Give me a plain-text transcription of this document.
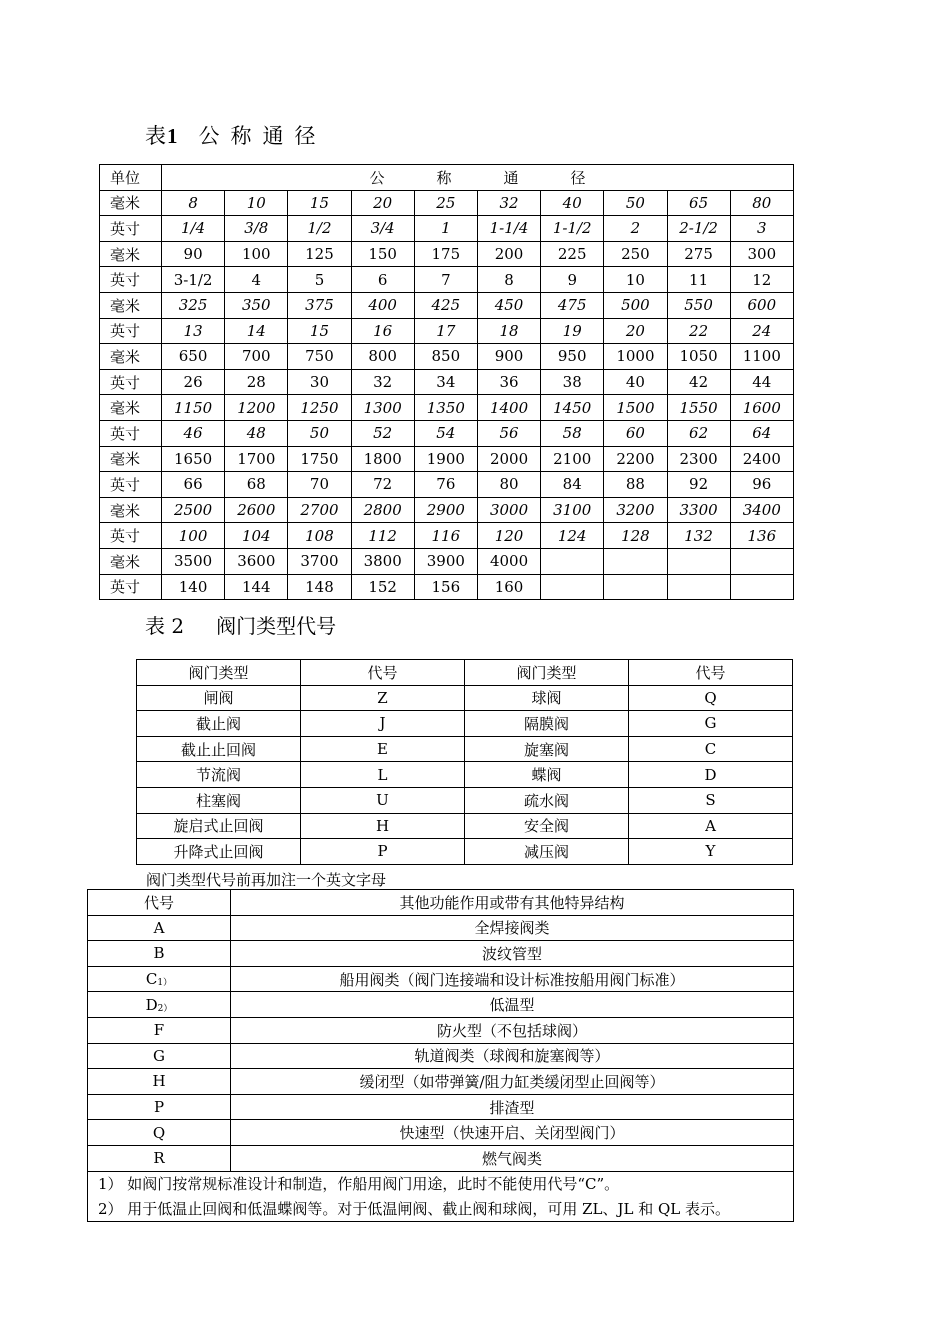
表1 公称通径
单位	公称通径									
毫米	8	10	15	20	25	32	40	50	65	80
英寸	1/4	3/8	1/2	3/4	1	1-1/4	1-1/2	2	2-1/2	3
毫米	90	100	125	150	175	200	225	250	275	300
英寸	3-1/2	4	5	6	7	8	9	10	11	12
毫米	325	350	375	400	425	450	475	500	550	600
英寸	13	14	15	16	17	18	19	20	22	24
毫米	650	700	750	800	850	900	950	1000	1050	1100
英寸	26	28	30	32	34	36	38	40	42	44
毫米	1150	1200	1250	1300	1350	1400	1450	1500	1550	1600
英寸	46	48	50	52	54	56	58	60	62	64
毫米	1650	1700	1750	1800	1900	2000	2100	2200	2300	2400
英寸	66	68	70	72	76	80	84	88	92	96
毫米	2500	2600	2700	2800	2900	3000	3100	3200	3300	3400
英寸	100	104	108	112	116	120	124	128	132	136
毫米	3500	3600	3700	3800	3900	4000				
英寸	140	144	148	152	156	160				
表 2 阀门类型代号
阀门类型	代号	阀门类型	代号
闸阀	Z	球阀	Q
截止阀	J	隔膜阀	G
截止止回阀	E	旋塞阀	C
节流阀	L	蝶阀	D
柱塞阀	U	疏水阀	S
旋启式止回阀	H	安全阀	A
升降式止回阀	P	减压阀	Y
阀门类型代号前再加注一个英文字母
代号	其他功能作用或带有其他特异结构
A	全焊接阀类
B	波纹管型
$C_{1)}$	船用阀类（阀门连接端和设计标准按船用阀门标准）
$D_{2)}$	低温型
F	防火型（不包括球阀）
G	轨道阀类（球阀和旋塞阀等）
H	缓闭型（如带弹簧/阻力缸类缓闭型止回阀等）
P	排渣型
Q	快速型（快速开启、关闭型阀门）
R	燃气阀类
1） 如阀门按常规标准设计和制造，作船用阀门用途，此时不能使用代号“C”。	
2） 用于低温止回阀和低温蝶阀等。对于低温闸阀、截止阀和球阀，可用 ZL、JL 和 QL 表示。	
